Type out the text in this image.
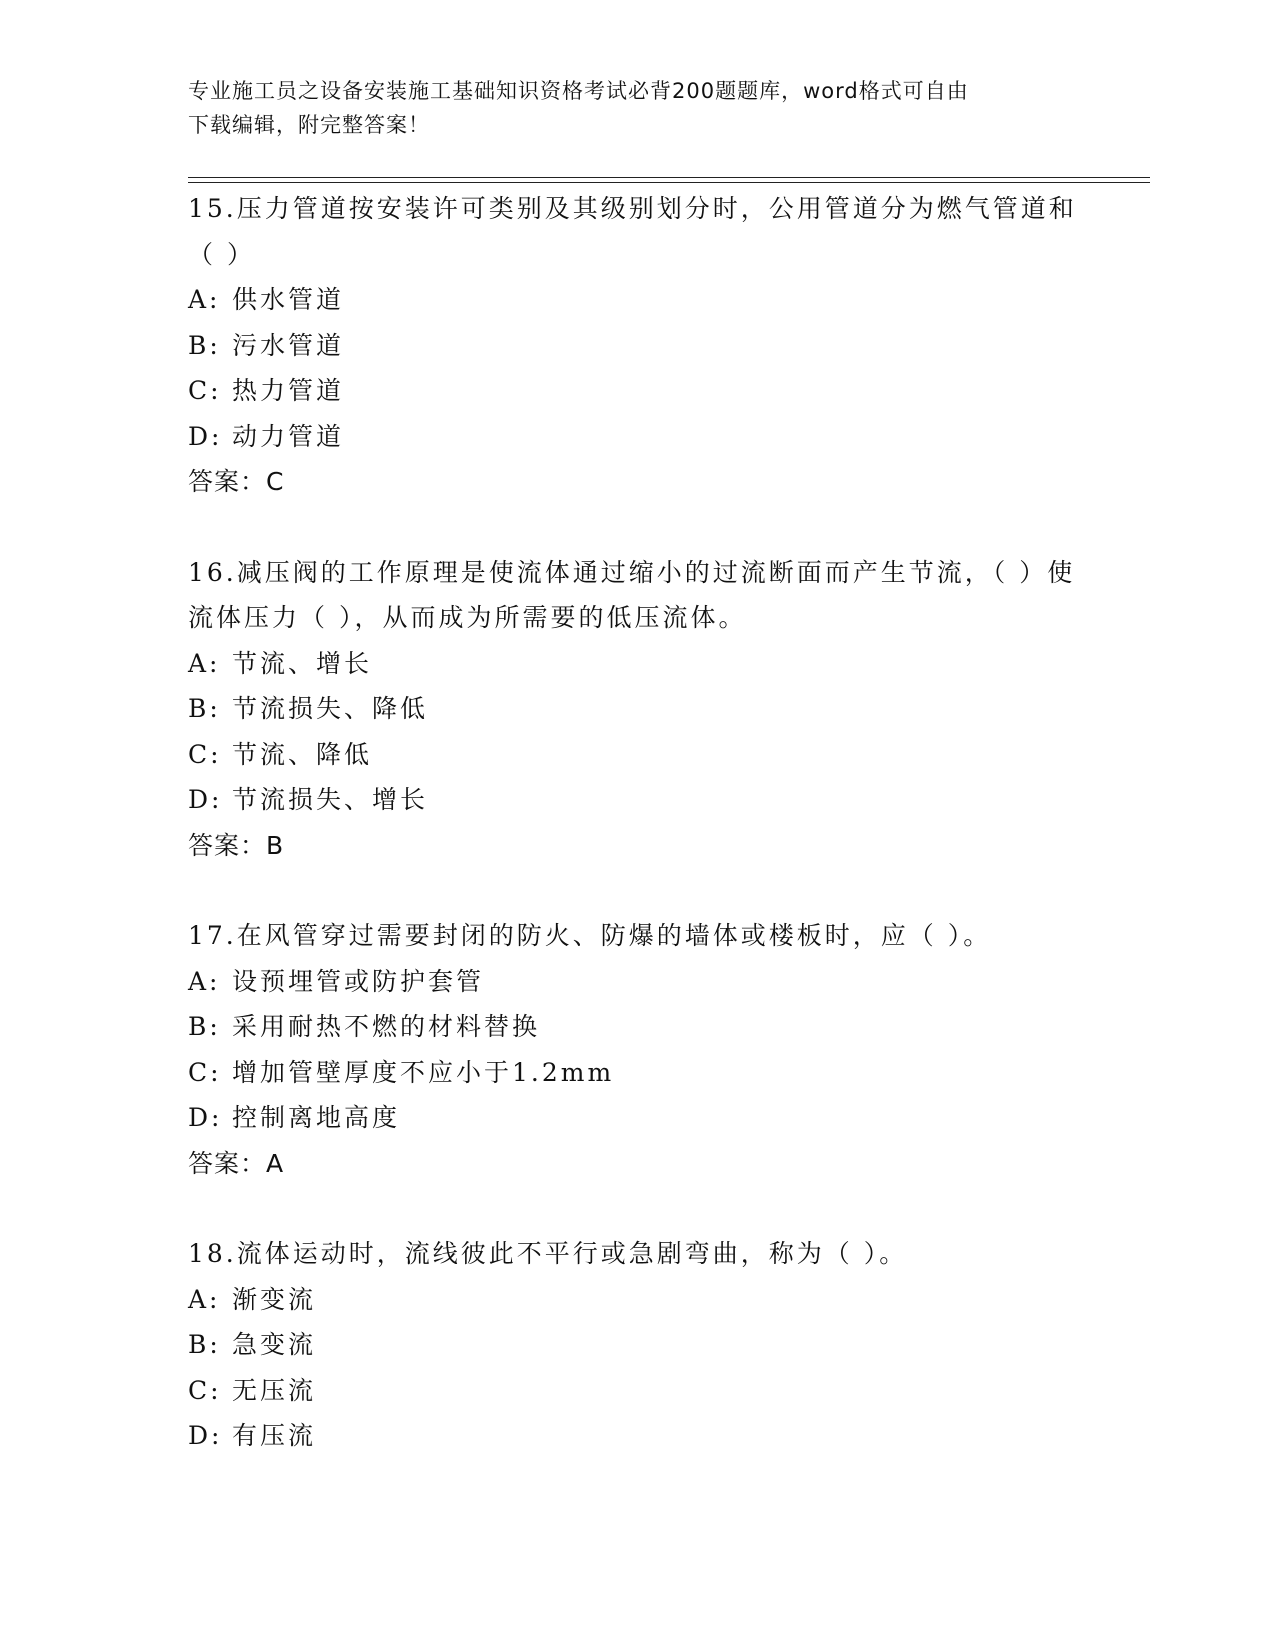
专业施工员之设备安装施工基础知识资格考试必背200题题库，word格式可自由
下载编辑，附完整答案！
15.压力管道按安装许可类别及其级别划分时，公用管道分为燃气管道和（ ）
A: 供水管道
B: 污水管道
C: 热力管道
D: 动力管道
答案：C
16.减压阀的工作原理是使流体通过缩小的过流断面而产生节流，（ ）使流体压力（ ），从而成为所需要的低压流体。
A: 节流、增长
B: 节流损失、降低
C: 节流、降低
D: 节流损失、增长
答案：B
17.在风管穿过需要封闭的防火、防爆的墙体或楼板时，应（ ）。
A: 设预埋管或防护套管
B: 采用耐热不燃的材料替换
C: 增加管壁厚度不应小于1.2mm
D: 控制离地高度
答案：A
18.流体运动时，流线彼此不平行或急剧弯曲，称为（ ）。
A: 渐变流
B: 急变流
C: 无压流
D: 有压流
